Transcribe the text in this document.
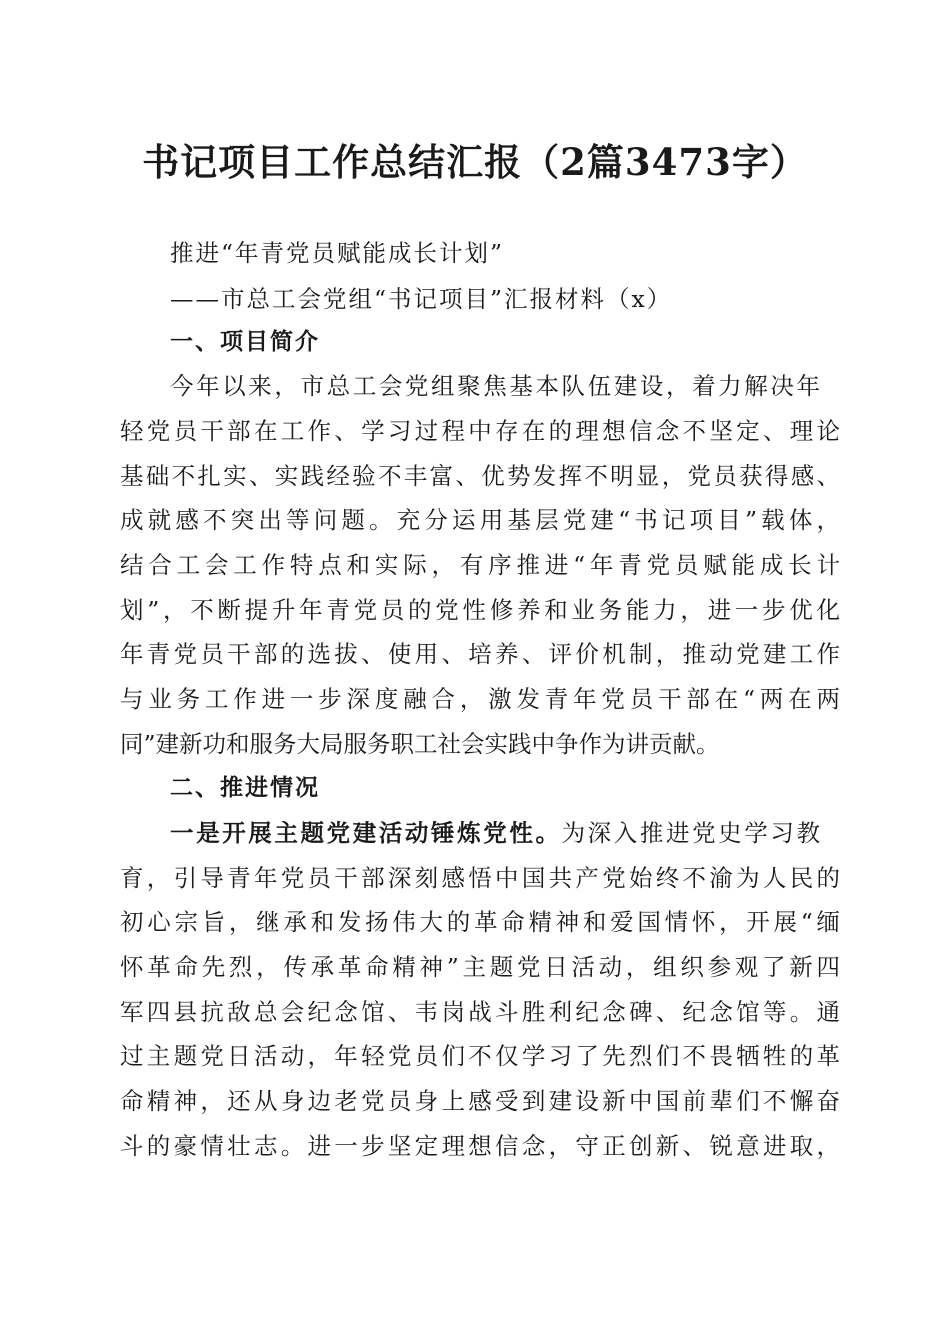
书记项目工作总结汇报（2篇3473字）
推进“年青党员赋能成长计划”
——市总工会党组“书记项目”汇报材料（x）
一、项目简介
今年以来，市总工会党组聚焦基本队伍建设，着力解决年
轻党员干部在工作、学习过程中存在的理想信念不坚定、理论
基础不扎实、实践经验不丰富、优势发挥不明显，党员获得感、
成就感不突出等问题。充分运用基层党建“书记项目”载体，
结合工会工作特点和实际，有序推进“年青党员赋能成长计
划”，不断提升年青党员的党性修养和业务能力，进一步优化
年青党员干部的选拔、使用、培养、评价机制，推动党建工作
与业务工作进一步深度融合，激发青年党员干部在“两在两
同”建新功和服务大局服务职工社会实践中争作为讲贡献。
二、推进情况
一是开展主题党建活动锤炼党性。为深入推进党史学习教
育，引导青年党员干部深刻感悟中国共产党始终不渝为人民的
初心宗旨，继承和发扬伟大的革命精神和爱国情怀，开展“缅
怀革命先烈，传承革命精神”主题党日活动，组织参观了新四
军四县抗敌总会纪念馆、韦岗战斗胜利纪念碑、纪念馆等。通
过主题党日活动，年轻党员们不仅学习了先烈们不畏牺牲的革
命精神，还从身边老党员身上感受到建设新中国前辈们不懈奋
斗的豪情壮志。进一步坚定理想信念，守正创新、锐意进取，
